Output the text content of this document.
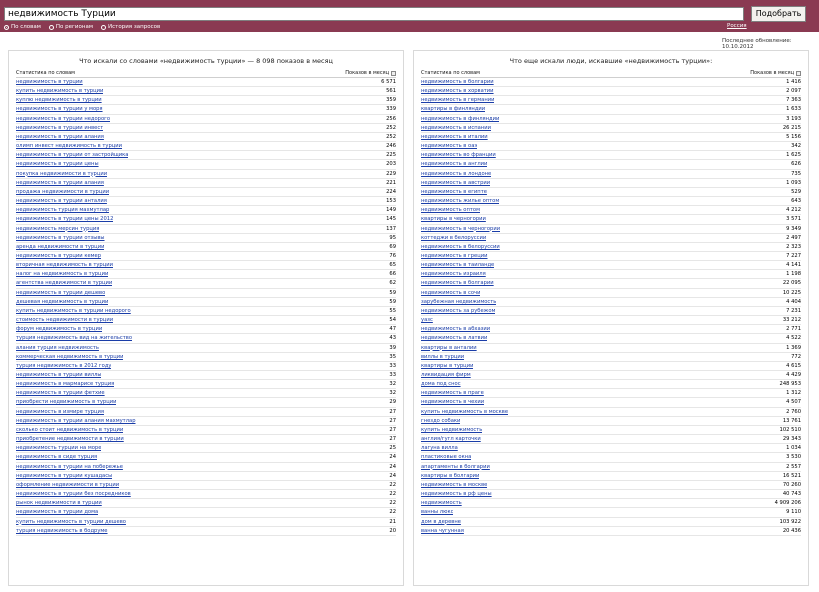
недвижимость Турции
Подобрать
По словам	По регионам	История запросов	Россия
Последнее обновление: 10.10.2012
Что искали со словами «недвижимость турции» — 8 098 показов в месяц
Статистика по словам	Показов в месяц
недвижимость в турции	6 571
купить недвижимость в турции	561
куплю недвижимость в турции	359
недвижимость в турции у моря	339
недвижимость в турции недорого	256
недвижимость в турции инвест	252
недвижимость в турции алания	252
олимп инвест недвижимость в турции	246
недвижимость в турции от застройщика	225
недвижимость в турции цены	203
покупка недвижимости в турции	229
недвижимость в турции алания	221
продажа недвижимости в турции	224
недвижимость в турции анталия	153
недвижимость турция махмутлар	149
недвижимость в турции цены 2012	145
недвижимость мерсин турция	137
недвижимость в турции отзывы	95
аренда недвижимости в турции	69
недвижимость в турции кемер	76
вторичная недвижимость в турции	65
налог на недвижимость в турции	66
агентства недвижимости в турции	62
недвижимость в турции дешево	59
дешевая недвижимость в турции	59
купить недвижимость в турции недорого	55
стоимость недвижимости в турции	54
форум недвижимость в турции	47
турция недвижимость вид на жительство	43
алания турция недвижимость	39
коммерческая недвижимость в турции	35
турция недвижимость в 2012 году	33
недвижимость в турции виллы	33
недвижимость в мармарисе турция	32
недвижимость в турции фетхие	32
приобрести недвижимость в турции	29
недвижимость в измире турция	27
недвижимость в турции алания махмутлар	27
сколько стоит недвижимость в турции	27
приобретение недвижимости в турции	27
недвижимость турции на море	25
недвижимость в сиде турция	24
недвижимость в турции на побережье	24
недвижимость в турции кушадасы	24
оформление недвижимости в турции	22
недвижимость в турции без посредников	22
рынок недвижимости в турции	22
недвижимость в турции дома	22
купить недвижимость в турции дешево	21
турция недвижимость в бодруме	20
Что еще искали люди, искавшие «недвижимость турции»:
Статистика по словам	Показов в месяц
недвижимость в болгарии	1 416
недвижимость в хорватии	2 097
недвижимость в германии	7 363
квартиры в финляндии	1 633
недвижимость в финляндии	3 193
недвижимость в испании	26 215
недвижимость в италии	5 156
недвижимость в оаэ	342
недвижимость во франции	1 625
недвижимость в англии	626
недвижимость в лондоне	735
недвижимость в австрии	1 093
недвижимость в египте	529
недвижимость жилье оптом	643
недвижимость оптом	4 212
квартиры в черногории	3 571
недвижимость в черногории	9 349
коттеджи в белоруссии	2 497
недвижимость в белоруссии	2 323
недвижимость в греции	7 227
недвижимость в таиланде	4 141
недвижимость израиля	1 198
недвижимость в болгарии	22 095
недвижимость в сочи	10 225
зарубежная недвижимость	4 404
недвижимость за рубежом	7 231
уазс	33 212
недвижимость в абхазии	2 771
недвижимость в латвии	4 522
квартиры в анталии	1 369
виллы в турции	772
квартиры в турции	4 615
ликвидация фирм	4 429
дома под снос	248 953
недвижимость в праге	1 312
недвижимость в чехии	4 507
купить недвижимость в москве	2 760
гнездо собаки	13 761
купить недвижимость	102 510
англия/гугл карточки	29 343
лагуна вилла	1 034
пластиковые окна	3 530
апартаменты в болгарии	2 557
квартиры в болгарии	16 521
недвижимость в москве	70 260
недвижимость в рф цены	40 743
недвижимость	4 909 206
ванны люкс	9 110
дом в деревне	103 922
ванна чугунная	20 436
